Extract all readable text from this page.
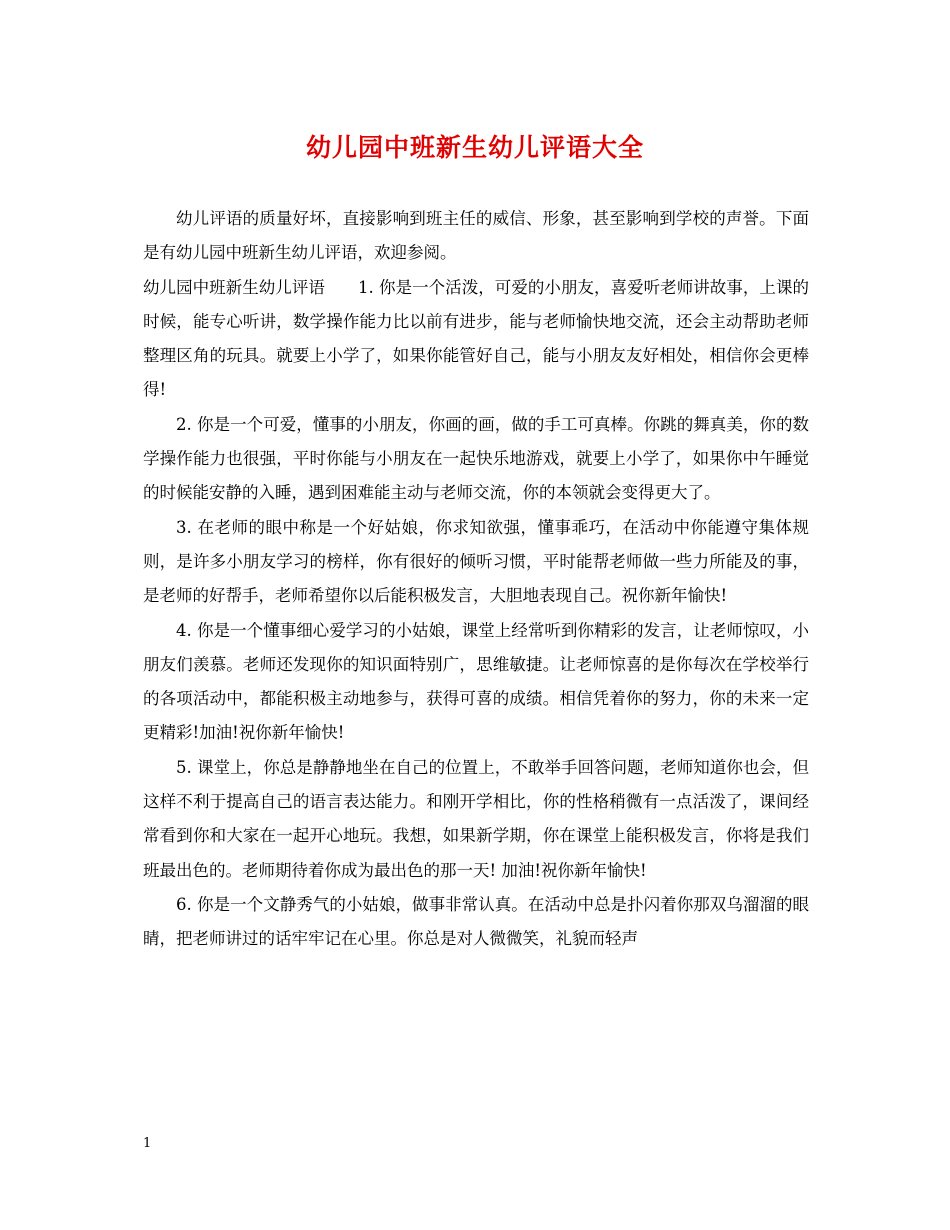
幼儿园中班新生幼儿评语大全

幼儿评语的质量好坏，直接影响到班主任的威信、形象，甚至影响到学校的声誉。下面是有幼儿园中班新生幼儿评语，欢迎参阅。

幼儿园中班新生幼儿评语　　1. 你是一个活泼，可爱的小朋友，喜爱听老师讲故事，上课的时候，能专心听讲，数学操作能力比以前有进步，能与老师愉快地交流，还会主动帮助老师整理区角的玩具。就要上小学了，如果你能管好自己，能与小朋友友好相处，相信你会更棒得!

2. 你是一个可爱，懂事的小朋友，你画的画，做的手工可真棒。你跳的舞真美，你的数学操作能力也很强，平时你能与小朋友在一起快乐地游戏，就要上小学了，如果你中午睡觉的时候能安静的入睡，遇到困难能主动与老师交流，你的本领就会变得更大了。

3. 在老师的眼中称是一个好姑娘，你求知欲强，懂事乖巧，在活动中你能遵守集体规则，是许多小朋友学习的榜样，你有很好的倾听习惯，平时能帮老师做一些力所能及的事，是老师的好帮手，老师希望你以后能积极发言，大胆地表现自己。祝你新年愉快!

4. 你是一个懂事细心爱学习的小姑娘，课堂上经常听到你精彩的发言，让老师惊叹，小朋友们羡慕。老师还发现你的知识面特别广，思维敏捷。让老师惊喜的是你每次在学校举行的各项活动中，都能积极主动地参与，获得可喜的成绩。相信凭着你的努力，你的未来一定更精彩!加油!祝你新年愉快!

5. 课堂上，你总是静静地坐在自己的位置上，不敢举手回答问题，老师知道你也会，但这样不利于提高自己的语言表达能力。和刚开学相比，你的性格稍微有一点活泼了，课间经常看到你和大家在一起开心地玩。我想，如果新学期，你在课堂上能积极发言，你将是我们班最出色的。老师期待着你成为最出色的那一天! 加油!祝你新年愉快!

6. 你是一个文静秀气的小姑娘，做事非常认真。在活动中总是扑闪着你那双乌溜溜的眼睛，把老师讲过的话牢牢记在心里。你总是对人微微笑，礼貌而轻声

1
